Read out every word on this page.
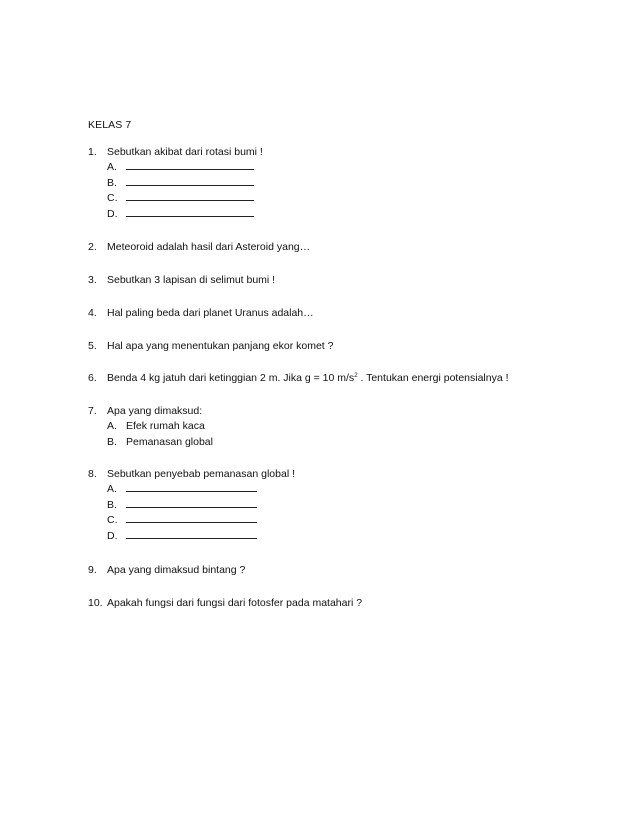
KELAS 7
1. Sebutkan akibat dari rotasi bumi !
A.
B.
C.
D.
2. Meteoroid adalah hasil dari Asteroid yang…
3. Sebutkan 3 lapisan di selimut bumi !
4. Hal paling beda dari planet Uranus adalah…
5. Hal apa yang menentukan panjang ekor komet ?
6. Benda 4 kg jatuh dari ketinggian 2 m. Jika g = 10 $m/s^2$ . Tentukan energi potensialnya !
7. Apa yang dimaksud:
A. Efek rumah kaca
B. Pemanasan global
8. Sebutkan penyebab pemanasan global !
A.
B.
C.
D.
9. Apa yang dimaksud bintang ?
10. Apakah fungsi dari fungsi dari fotosfer pada matahari ?
